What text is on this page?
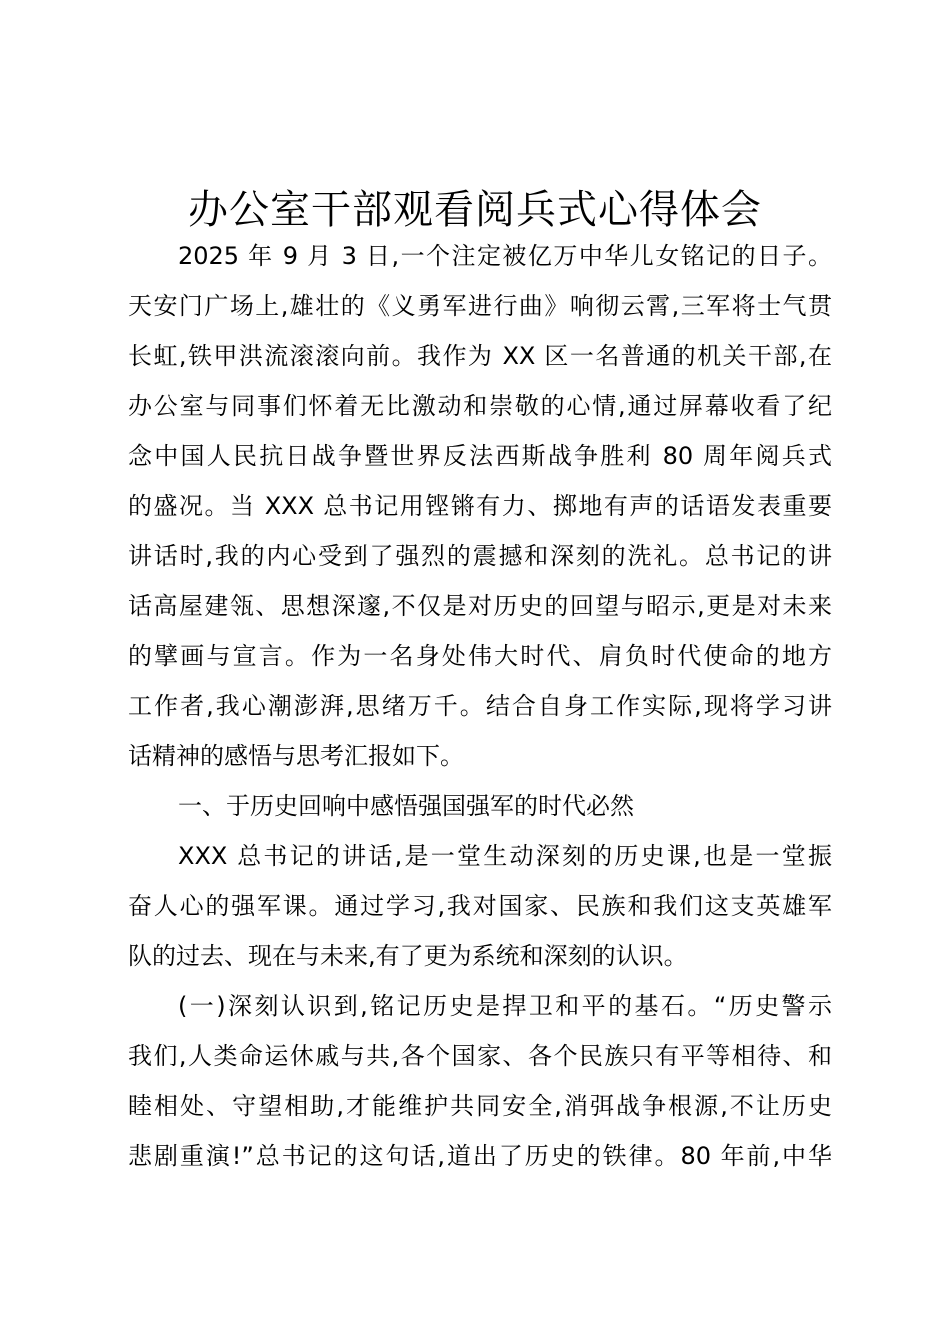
办公室干部观看阅兵式心得体会
2025 年 9 月 3 日,一个注定被亿万中华儿女铭记的日子。
天安门广场上,雄壮的《义勇军进行曲》响彻云霄,三军将士气贯
长虹,铁甲洪流滚滚向前。我作为 XX 区一名普通的机关干部,在
办公室与同事们怀着无比激动和崇敬的心情,通过屏幕收看了纪
念中国人民抗日战争暨世界反法西斯战争胜利 80 周年阅兵式
的盛况。当 XXX 总书记用铿锵有力、掷地有声的话语发表重要
讲话时,我的内心受到了强烈的震撼和深刻的洗礼。总书记的讲
话高屋建瓴、思想深邃,不仅是对历史的回望与昭示,更是对未来
的擘画与宣言。作为一名身处伟大时代、肩负时代使命的地方
工作者,我心潮澎湃,思绪万千。结合自身工作实际,现将学习讲
话精神的感悟与思考汇报如下。
一、于历史回响中感悟强国强军的时代必然
XXX 总书记的讲话,是一堂生动深刻的历史课,也是一堂振
奋人心的强军课。通过学习,我对国家、民族和我们这支英雄军
队的过去、现在与未来,有了更为系统和深刻的认识。
(一)深刻认识到,铭记历史是捍卫和平的基石。“历史警示
我们,人类命运休戚与共,各个国家、各个民族只有平等相待、和
睦相处、守望相助,才能维护共同安全,消弭战争根源,不让历史
悲剧重演!”总书记的这句话,道出了历史的铁律。80 年前,中华
